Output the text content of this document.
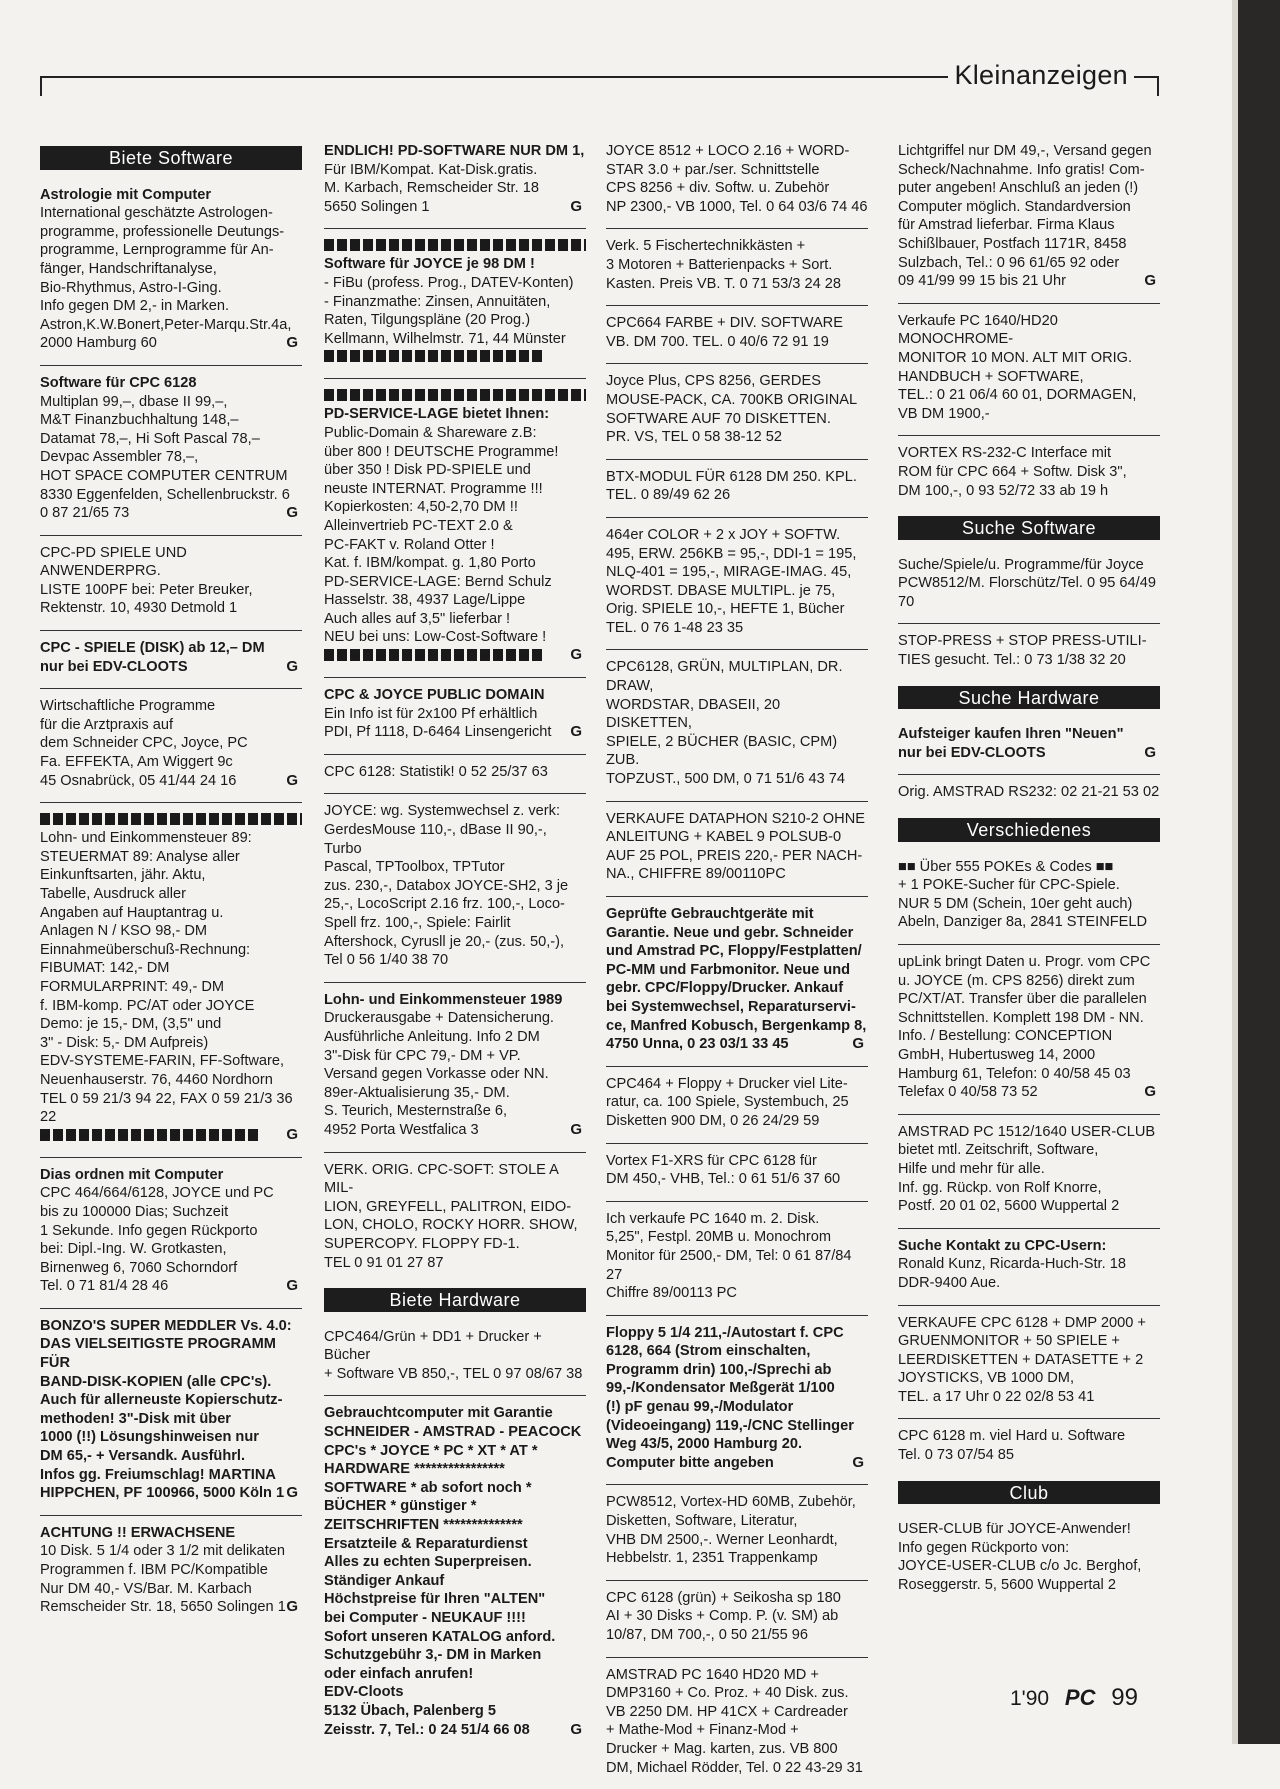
Kleinanzeigen
Biete Software
Astrologie mit Computer
International geschätzte Astrologen-
programme, professionelle Deutungs-
programme, Lernprogramme für An-
fänger, Handschriftanalyse,
Bio-Rhythmus, Astro-I-Ging.
Info gegen DM 2,- in Marken.
Astron,K.W.Bonert,Peter-Marqu.Str.4a,
2000 Hamburg 60	G
Software für CPC 6128
Multiplan 99,–, dbase II 99,–,
M&T Finanzbuchhaltung 148,–
Datamat 78,–, Hi Soft Pascal 78,–
Devpac Assembler 78,–,
HOT SPACE COMPUTER CENTRUM
8330 Eggenfelden, Schellenbruckstr. 6
0 87 21/65 73	G
CPC-PD SPIELE UND ANWENDERPRG.
LISTE 100PF bei: Peter Breuker,
Rektenstr. 10, 4930 Detmold 1
CPC - SPIELE (DISK) ab 12,– DM
nur bei EDV-CLOOTS	G
Wirtschaftliche Programme
für die Arztpraxis auf
dem Schneider CPC, Joyce, PC
Fa. EFFEKTA, Am Wiggert 9c
45 Osnabrück, 05 41/44 24 16	G
Lohn- und Einkommensteuer 89:
STEUERMAT 89: Analyse aller
Einkunftsarten, jähr. Aktu,
Tabelle, Ausdruck aller
Angaben auf Hauptantrag u.
Anlagen N / KSO 98,- DM
Einnahmeüberschuß-Rechnung:
FIBUMAT: 142,- DM
FORMULARPRINT: 49,- DM
f. IBM-komp. PC/AT oder JOYCE
Demo: je 15,- DM, (3,5" und
3" - Disk: 5,- DM Aufpreis)
EDV-SYSTEME-FARIN, FF-Software,
Neuenhauserstr. 76, 4460 Nordhorn
TEL 0 59 21/3 94 22, FAX 0 59 21/3 36 22
G
Dias ordnen mit Computer
CPC 464/664/6128, JOYCE und PC
bis zu 100000 Dias; Suchzeit
1 Sekunde. Info gegen Rückporto
bei: Dipl.-Ing. W. Grotkasten,
Birnenweg 6, 7060 Schorndorf
Tel. 0 71 81/4 28 46	G
BONZO'S SUPER MEDDLER Vs. 4.0:
DAS VIELSEITIGSTE PROGRAMM FÜR
BAND-DISK-KOPIEN (alle CPC's).
Auch für allerneuste Kopierschutz-
methoden! 3"-Disk mit über
1000 (!!) Lösungshinweisen nur
DM 65,- + Versandk. Ausführl.
Infos gg. Freiumschlag! MARTINA
HIPPCHEN, PF 100966, 5000 Köln 1 G
ACHTUNG !! ERWACHSENE
10 Disk. 5 1/4 oder 3 1/2 mit delikaten
Programmen f. IBM PC/Kompatible
Nur DM 40,- VS/Bar. M. Karbach
Remscheider Str. 18, 5650 Solingen 1 G
ENDLICH! PD-SOFTWARE NUR DM 1,
Für IBM/Kompat. Kat-Disk.gratis.
M. Karbach, Remscheider Str. 18
5650 Solingen 1	G
Software für JOYCE je 98 DM !
- FiBu (profess. Prog., DATEV-Konten)
- Finanzmathe: Zinsen, Annuitäten,
Raten, Tilgungspläne (20 Prog.)
Kellmann, Wilhelmstr. 71, 44 Münster
PD-SERVICE-LAGE bietet Ihnen:
Public-Domain & Shareware z.B:
über 800 ! DEUTSCHE Programme!
über 350 ! Disk PD-SPIELE und
neuste INTERNAT. Programme !!!
Kopierkosten: 4,50-2,70 DM !!
Alleinvertrieb PC-TEXT 2.0 &
PC-FAKT v. Roland Otter !
Kat. f. IBM/kompat. g. 1,80 Porto
PD-SERVICE-LAGE: Bernd Schulz
Hasselstr. 38, 4937 Lage/Lippe
Auch alles auf 3,5" lieferbar !
NEU bei uns: Low-Cost-Software !
G
CPC & JOYCE PUBLIC DOMAIN
Ein Info ist für 2x100 Pf erhältlich
PDI, Pf 1118, D-6464 Linsengericht	G
CPC 6128: Statistik! 0 52 25/37 63
JOYCE: wg. Systemwechsel z. verk:
GerdesMouse 110,-, dBase II 90,-, Turbo
Pascal, TPToolbox, TPTutor
zus. 230,-, Databox JOYCE-SH2, 3 je
25,-, LocoScript 2.16 frz. 100,-, Loco-
Spell frz. 100,-, Spiele: Fairlit
Aftershock, Cyrusll je 20,- (zus. 50,-),
Tel 0 56 1/40 38 70
Lohn- und Einkommensteuer 1989
Druckerausgabe + Datensicherung.
Ausführliche Anleitung. Info 2 DM
3"-Disk für CPC 79,- DM + VP.
Versand gegen Vorkasse oder NN.
89er-Aktualisierung 35,- DM.
S. Teurich, Mesternstraße 6,
4952 Porta Westfalica 3	G
VERK. ORIG. CPC-SOFT: STOLE A MIL-
LION, GREYFELL, PALITRON, EIDO-
LON, CHOLO, ROCKY HORR. SHOW,
SUPERCOPY. FLOPPY FD-1.
TEL 0 91 01 27 87
Biete Hardware
CPC464/Grün + DD1 + Drucker + Bücher
+ Software VB 850,-, TEL 0 97 08/67 38
Gebrauchtcomputer mit Garantie
SCHNEIDER - AMSTRAD - PEACOCK
CPC's * JOYCE * PC * XT * AT *
HARDWARE ****************
SOFTWARE * ab sofort noch *
BÜCHER * günstiger *
ZEITSCHRIFTEN **************
Ersatzteile & Reparaturdienst
Alles zu echten Superpreisen.
Ständiger Ankauf
Höchstpreise für Ihren "ALTEN"
bei Computer - NEUKAUF !!!!
Sofort unseren KATALOG anford.
Schutzgebühr 3,- DM in Marken
oder einfach anrufen!
EDV-Cloots
5132 Übach, Palenberg 5
Zeisstr. 7, Tel.: 0 24 51/4 66 08	G
JOYCE 8512 + LOCO 2.16 + WORD-
STAR 3.0 + par./ser. Schnittstelle
CPS 8256 + div. Softw. u. Zubehör
NP 2300,- VB 1000, Tel. 0 64 03/6 74 46
Verk. 5 Fischertechnikkästen +
3 Motoren + Batterienpacks + Sort.
Kasten. Preis VB. T. 0 71 53/3 24 28
CPC664 FARBE + DIV. SOFTWARE
VB. DM 700. TEL. 0 40/6 72 91 19
Joyce Plus, CPS 8256, GERDES
MOUSE-PACK, CA. 700KB ORIGINAL
SOFTWARE AUF 70 DISKETTEN.
PR. VS, TEL 0 58 38-12 52
BTX-MODUL FÜR 6128 DM 250. KPL.
TEL. 0 89/49 62 26
464er COLOR + 2 x JOY + SOFTW.
495, ERW. 256KB = 95,-, DDI-1 = 195,
NLQ-401 = 195,-, MIRAGE-IMAG. 45,
WORDST. DBASE MULTIPL. je 75,
Orig. SPIELE 10,-, HEFTE 1, Bücher
TEL. 0 76 1-48 23 35
CPC6128, GRÜN, MULTIPLAN, DR. DRAW,
WORDSTAR, DBASEII, 20 DISKETTEN,
SPIELE, 2 BÜCHER (BASIC, CPM) ZUB.
TOPZUST., 500 DM, 0 71 51/6 43 74
VERKAUFE DATAPHON S210-2 OHNE
ANLEITUNG + KABEL 9 POLSUB-0
AUF 25 POL, PREIS 220,- PER NACH-
NA., CHIFFRE 89/00110PC
Geprüfte Gebrauchtgeräte mit
Garantie. Neue und gebr. Schneider
und Amstrad PC, Floppy/Festplatten/
PC-MM und Farbmonitor. Neue und
gebr. CPC/Floppy/Drucker. Ankauf
bei Systemwechsel, Reparaturservi-
ce, Manfred Kobusch, Bergenkamp 8,
4750 Unna, 0 23 03/1 33 45	G
CPC464 + Floppy + Drucker viel Lite-
ratur, ca. 100 Spiele, Systembuch, 25
Disketten 900 DM, 0 26 24/29 59
Vortex F1-XRS für CPC 6128 für
DM 450,- VHB, Tel.: 0 61 51/6 37 60
Ich verkaufe PC 1640 m. 2. Disk.
5,25", Festpl. 20MB u. Monochrom
Monitor für 2500,- DM, Tel: 0 61 87/84 27
Chiffre 89/00113 PC
Floppy 5 1/4 211,-/Autostart f. CPC
6128, 664 (Strom einschalten,
Programm drin) 100,-/Sprechi ab
99,-/Kondensator Meßgerät 1/100
(!) pF genau 99,-/Modulator
(Videoeingang) 119,-/CNC Stellinger
Weg 43/5, 2000 Hamburg 20.
Computer bitte angeben	G
PCW8512, Vortex-HD 60MB, Zubehör,
Disketten, Software, Literatur,
VHB DM 2500,-. Werner Leonhardt,
Hebbelstr. 1, 2351 Trappenkamp
CPC 6128 (grün) + Seikosha sp 180
AI + 30 Disks + Comp. P. (v. SM) ab
10/87, DM 700,-, 0 50 21/55 96
AMSTRAD PC 1640 HD20 MD +
DMP3160 + Co. Proz. + 40 Disk. zus.
VB 2250 DM. HP 41CX + Cardreader
+ Mathe-Mod + Finanz-Mod +
Drucker + Mag. karten, zus. VB 800
DM, Michael Rödder, Tel. 0 22 43-29 31
Lichtgriffel nur DM 49,-, Versand gegen
Scheck/Nachnahme. Info gratis! Com-
puter angeben! Anschluß an jeden (!)
Computer möglich. Standardversion
für Amstrad lieferbar. Firma Klaus
Schißlbauer, Postfach 1171R, 8458
Sulzbach, Tel.: 0 96 61/65 92 oder
09 41/99 99 15 bis 21 Uhr	G
Verkaufe PC 1640/HD20 MONOCHROME-
MONITOR 10 MON. ALT MIT ORIG.
HANDBUCH + SOFTWARE,
TEL.: 0 21 06/4 60 01, DORMAGEN,
VB DM 1900,-
VORTEX RS-232-C Interface mit
ROM für CPC 664 + Softw. Disk 3",
DM 100,-, 0 93 52/72 33 ab 19 h
Suche Software
Suche/Spiele/u. Programme/für Joyce
PCW8512/M. Florschütz/Tel. 0 95 64/49 70
STOP-PRESS + STOP PRESS-UTILI-
TIES gesucht. Tel.: 0 73 1/38 32 20
Suche Hardware
Aufsteiger kaufen Ihren "Neuen"
nur bei EDV-CLOOTS	G
Orig. AMSTRAD RS232: 02 21-21 53 02
Verschiedenes
■■ Über 555 POKEs & Codes ■■
+ 1 POKE-Sucher für CPC-Spiele.
NUR 5 DM (Schein, 10er geht auch)
Abeln, Danziger 8a, 2841 STEINFELD
upLink bringt Daten u. Progr. vom CPC
u. JOYCE (m. CPS 8256) direkt zum
PC/XT/AT. Transfer über die parallelen
Schnittstellen. Komplett 198 DM - NN.
Info. / Bestellung: CONCEPTION
GmbH, Hubertusweg 14, 2000
Hamburg 61, Telefon: 0 40/58 45 03
Telefax 0 40/58 73 52	G
AMSTRAD PC 1512/1640 USER-CLUB
bietet mtl. Zeitschrift, Software,
Hilfe und mehr für alle.
Inf. gg. Rückp. von Rolf Knorre,
Postf. 20 01 02, 5600 Wuppertal 2
Suche Kontakt zu CPC-Usern:
Ronald Kunz, Ricarda-Huch-Str. 18
DDR-9400 Aue.
VERKAUFE CPC 6128 + DMP 2000 +
GRUENMONITOR + 50 SPIELE +
LEERDISKETTEN + DATASETTE + 2
JOYSTICKS, VB 1000 DM,
TEL. a 17 Uhr 0 22 02/8 53 41
CPC 6128 m. viel Hard u. Software
Tel. 0 73 07/54 85
Club
USER-CLUB für JOYCE-Anwender!
Info gegen Rückporto von:
JOYCE-USER-CLUB c/o Jc. Berghof,
Roseggerstr. 5, 5600 Wuppertal 2
1'90 PC 99
